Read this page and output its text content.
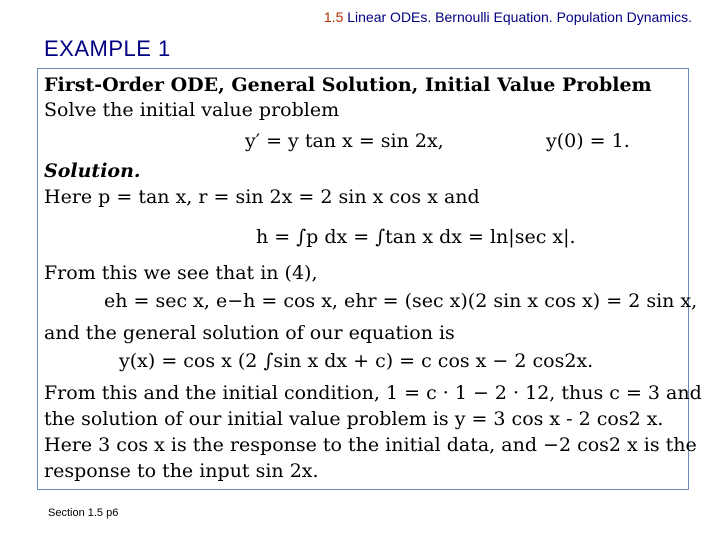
1.5 Linear ODEs. Bernoulli Equation. Population Dynamics.
EXAMPLE 1
First-Order ODE, General Solution, Initial Value Problem
Solve the initial value problem
y′ = y tan x = sin 2x,	y(0) = 1.
Solution.
Here p = tan x, r = sin 2x = 2 sin x cos x and
h = ∫p dx = ∫tan x dx = ln|sec x|.
From this we see that in (4),
eh = sec x, e−h = cos x, ehr = (sec x)(2 sin x cos x) = 2 sin x,
and the general solution of our equation is
y(x) = cos x (2 ∫sin x dx + c) = c cos x − 2 cos2x.
From this and the initial condition, 1 = c · 1 − 2 · 12, thus c = 3 and
the solution of our initial value problem is y = 3 cos x - 2 cos2 x.
Here 3 cos x is the response to the initial data, and −2 cos2 x is the
response to the input sin 2x.
Section 1.5 p6
